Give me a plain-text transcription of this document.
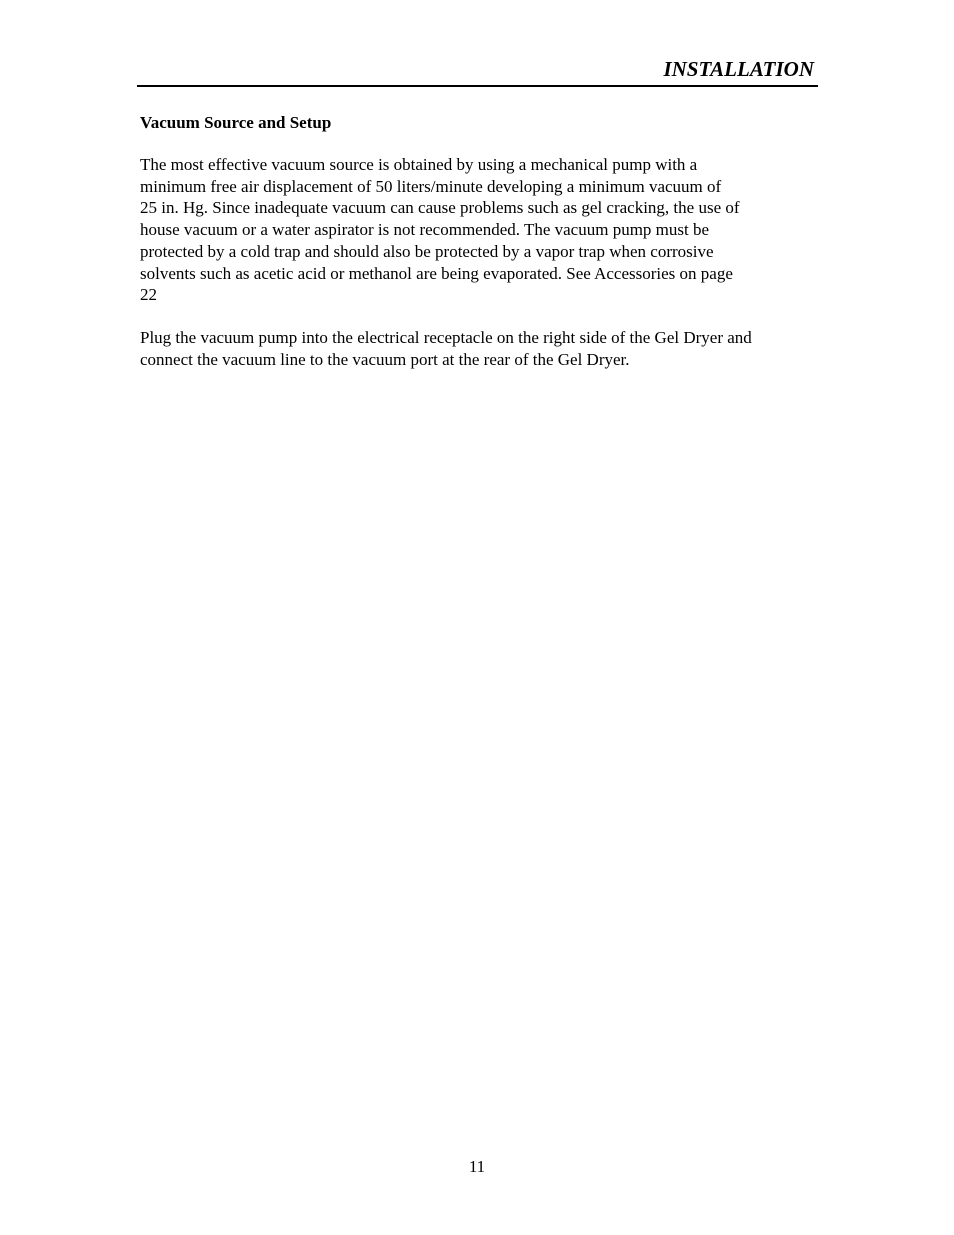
INSTALLATION
Vacuum Source and Setup
The most effective vacuum source is obtained by using a mechanical pump with a
minimum free air displacement of 50 liters/minute developing a minimum vacuum of
25 in. Hg. Since inadequate vacuum can cause problems such as gel cracking, the use of
house vacuum or a water aspirator is not recommended. The vacuum pump must be
protected by a cold trap and should also be protected by a vapor trap when corrosive
solvents such as acetic acid or methanol are being evaporated. See Accessories on page
22
Plug the vacuum pump into the electrical receptacle on the right side of the Gel Dryer and
connect the vacuum line to the vacuum port at the rear of the Gel Dryer.
11
